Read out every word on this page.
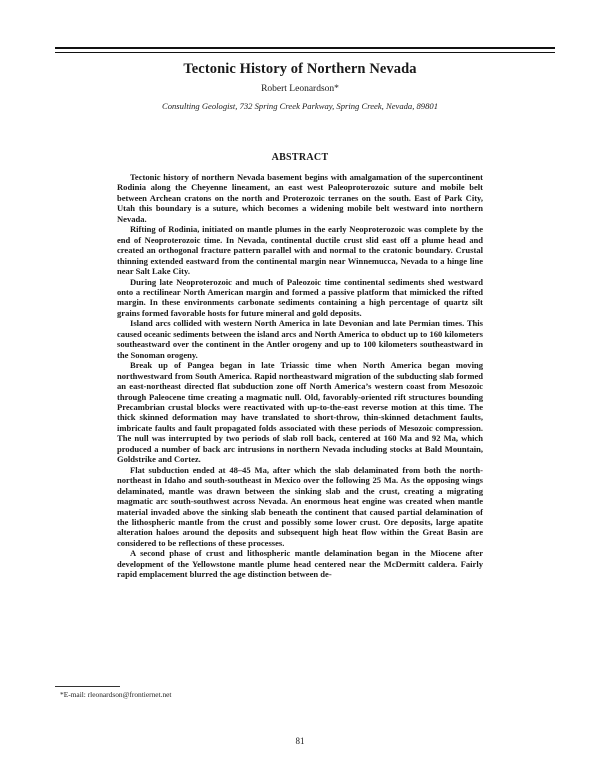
Tectonic History of Northern Nevada
Robert Leonardson*
Consulting Geologist, 732 Spring Creek Parkway, Spring Creek, Nevada, 89801
ABSTRACT

Tectonic history of northern Nevada basement begins with amalgamation of the supercontinent Rodinia along the Cheyenne lineament, an east west Paleoproterozoic suture and mobile belt between Archean cratons on the north and Proterozoic terranes on the south. East of Park City, Utah this boundary is a suture, which becomes a widening mobile belt westward into northern Nevada.

Rifting of Rodinia, initiated on mantle plumes in the early Neoproterozoic was complete by the end of Neoproterozoic time. In Nevada, continental ductile crust slid east off a plume head and created an orthogonal fracture pattern parallel with and normal to the cratonic boundary. Crustal thinning extended eastward from the continental margin near Winnemucca, Nevada to a hinge line near Salt Lake City.

During late Neoproterozoic and much of Paleozoic time continental sediments shed westward onto a rectilinear North American margin and formed a passive platform that mimicked the rifted margin. In these environments carbonate sediments containing a high percentage of quartz silt grains formed favorable hosts for future mineral and gold deposits.

Island arcs collided with western North America in late Devonian and late Permian times. This caused oceanic sediments between the island arcs and North America to obduct up to 160 kilometers southeastward over the continent in the Antler orogeny and up to 100 kilometers southeastward in the Sonoman orogeny.

Break up of Pangea began in late Triassic time when North America began moving northwestward from South America. Rapid northeastward migration of the subducting slab formed an east-northeast directed flat subduction zone off North America’s western coast from Mesozoic through Paleocene time creating a magmatic null. Old, favorably-oriented rift structures bounding Precambrian crustal blocks were reactivated with up-to-the-east reverse motion at this time. The thick skinned deformation may have translated to short-throw, thin-skinned detachment faults, imbricate faults and fault propagated folds associated with these periods of Mesozoic compression. The null was interrupted by two periods of slab roll back, centered at 160 Ma and 92 Ma, which produced a number of back arc intrusions in northern Nevada including stocks at Bald Mountain, Goldstrike and Cortez.

Flat subduction ended at 48–45 Ma, after which the slab delaminated from both the north-northeast in Idaho and south-southeast in Mexico over the following 25 Ma. As the opposing wings delaminated, mantle was drawn between the sinking slab and the crust, creating a migrating magmatic arc south-southwest across Nevada. An enormous heat engine was created when mantle material invaded above the sinking slab beneath the continent that caused partial delamination of the lithospheric mantle from the crust and possibly some lower crust. Ore deposits, large apatite alteration haloes around the deposits and subsequent high heat flow within the Great Basin are considered to be reflections of these processes.

A second phase of crust and lithospheric mantle delamination began in the Miocene after development of the Yellowstone mantle plume head centered near the McDermitt caldera. Fairly rapid emplacement blurred the age distinction between de-

*E-mail: rleonardson@frontiernet.net
81
